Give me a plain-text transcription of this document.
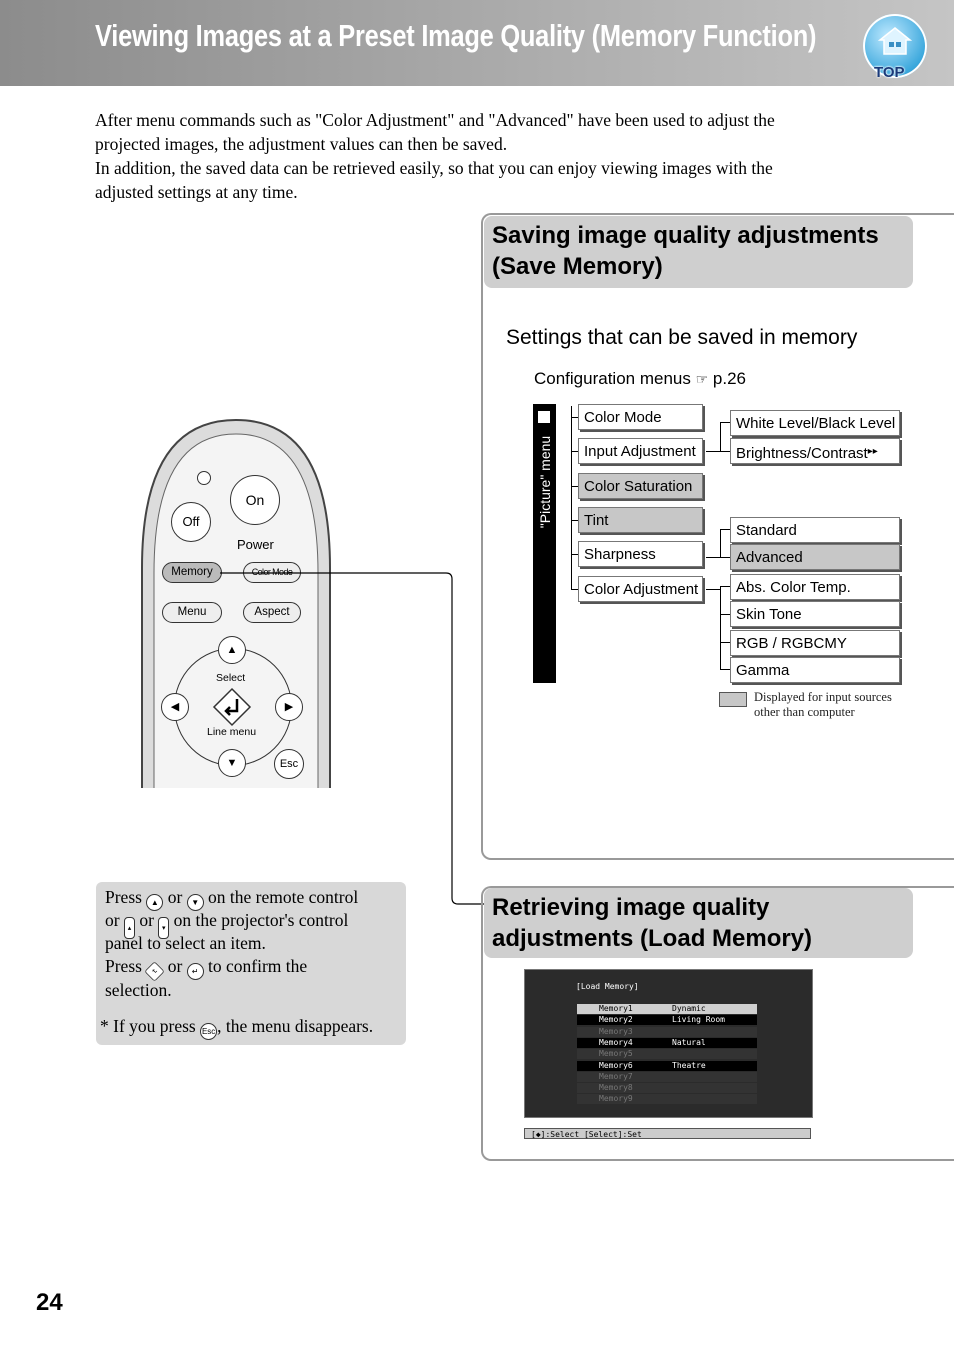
Viewing Images at a Preset Image Quality (Memory Function)
TOP
After menu commands such as "Color Adjustment" and "Advanced" have been used to adjust the
projected images, the adjustment values can then be saved.
In addition, the saved data can be retrieved easily, so that you can enjoy viewing images with the
adjusted settings at any time.
Saving image quality adjustments
(Save Memory)
Settings that can be saved in memory
Configuration menus ☞ p.26
"Picture" menu
Color Mode
Input Adjustment
Color Saturation
Tint
Sharpness
Color Adjustment
White Level/Black Level
Brightness/Contrast▸▸
Standard
Advanced
Abs. Color Temp.
Skin Tone
RGB / RGBCMY
Gamma
Displayed for input sources
other than computer
On
Off
Power
Memory	Color Mode
Menu	Aspect
▲
▼
◀	▶
Select
Line menu
Esc
Press ▲ or ▼ on the remote control
or ▴ or ▾ on the projector's control
panel to select an item.
Press ↵ or ↵ to confirm the
selection.
* If you press Esc , the menu disappears.
Retrieving image quality
adjustments (Load Memory)
[Load Memory]
Memory1	Dynamic
Memory2	Living Room
Memory3
Memory4	Natural
Memory5
Memory6	Theatre
Memory7
Memory8
Memory9
[◆]:Select [Select]:Set
24
